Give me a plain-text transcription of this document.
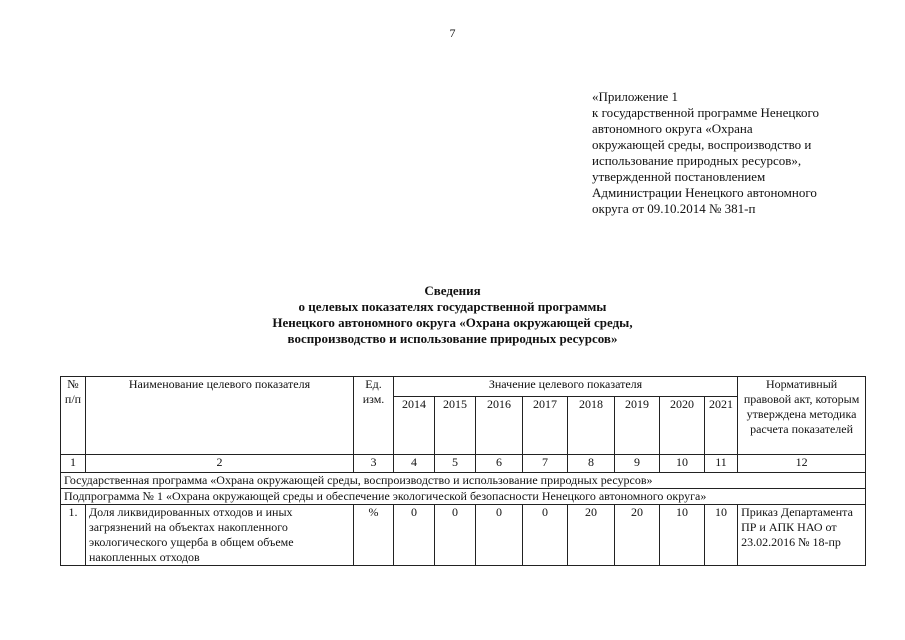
7
«Приложение 1
к государственной программе Ненецкого
автономного округа «Охрана
окружающей среды, воспроизводство и
использование природных ресурсов»,
утвержденной постановлением
Администрации Ненецкого автономного
округа от 09.10.2014 № 381-п
Сведения
о целевых показателях государственной программы
Ненецкого автономного округа «Охрана окружающей среды,
воспроизводство и использование природных ресурсов»
№ п/п	Наименование целевого показателя	Ед. изм.	Значение целевого показателя								Нормативный правовой акт, которым утверждена методика расчета показателей
			2014	2015	2016	2017	2018	2019	2020	2021	
1	2	3	4	5	6	7	8	9	10	11	12
Государственная программа «Охрана окружающей среды, воспроизводство и использование природных ресурсов»											
Подпрограмма № 1 «Охрана окружающей среды и обеспечение экологической безопасности Ненецкого автономного округа»											
1.	Доля ликвидированных отходов и иных загрязнений на объектах накопленного экологического ущерба в общем объеме накопленных отходов	%	0	0	0	0	20	20	10	10	Приказ Департамента ПР и АПК НАО от 23.02.2016 № 18-пр
